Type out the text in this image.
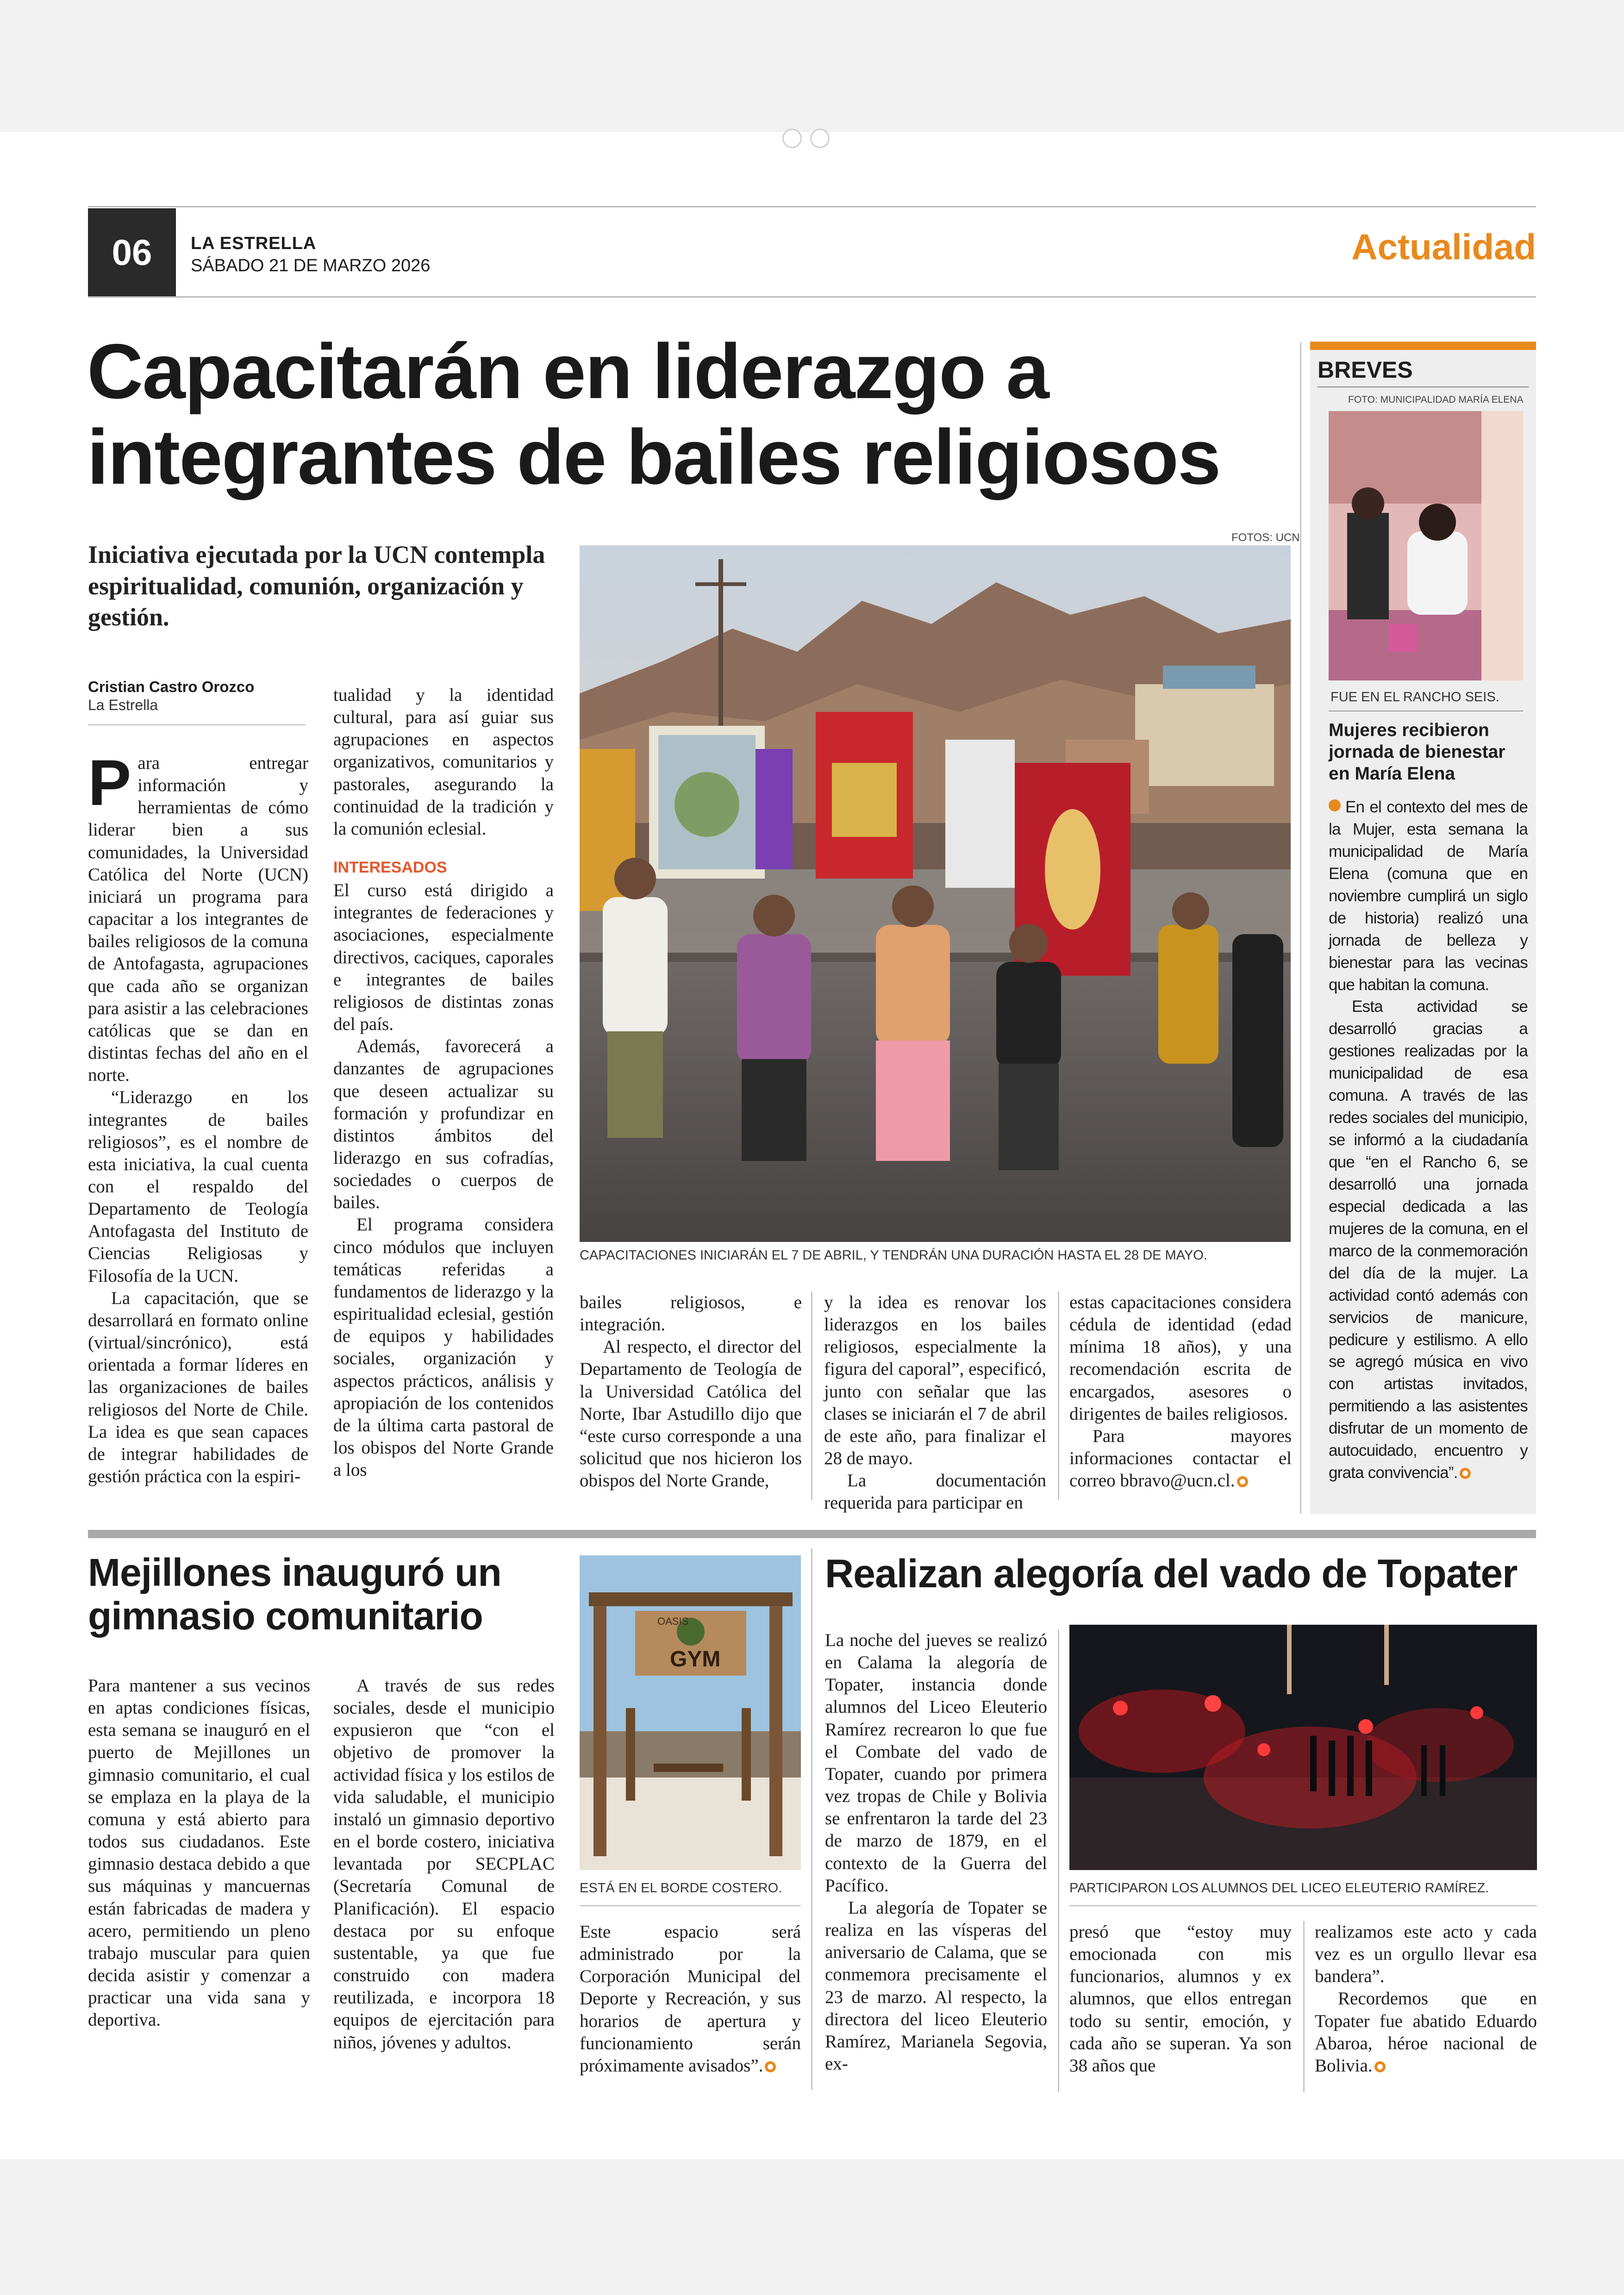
06	LA ESTRELLA
SÁBADO 21 DE MARZO 2026	Actualidad
Capacitarán en liderazgo a
integrantes de bailes religiosos
Iniciativa ejecutada por la UCN contempla espiritualidad, comunión, organización y gestión.
Cristian Castro Orozco
La Estrella
FOTOS: UCN
CAPACITACIONES INICIARÁN EL 7 DE ABRIL, Y TENDRÁN UNA DURACIÓN HASTA EL 28 DE MAYO.

Para entregar información y herramientas de cómo liderar bien a sus comunidades, la Universidad Católica del Norte (UCN) iniciará un programa para capacitar a los integrantes de bailes religiosos de la comuna de Antofagasta, agrupaciones que cada año se organizan para asistir a las celebraciones católicas que se dan en distintas fechas del año en el norte.

“Liderazgo en los integrantes de bailes religiosos”, es el nombre de esta iniciativa, la cual cuenta con el respaldo del Departamento de Teología Antofagasta del Instituto de Ciencias Religiosas y Filosofía de la UCN.

La capacitación, que se desarrollará en formato online (virtual/sincrónico), está orientada a formar líderes en las organizaciones de bailes religiosos del Norte de Chile. La idea es que sean capaces de integrar habilidades de gestión práctica con la espiri-

tualidad y la identidad cultural, para así guiar sus agrupaciones en aspectos organizativos, comunitarios y pastorales, asegurando la continuidad de la tradición y la comunión eclesial.

INTERESADOS

El curso está dirigido a integrantes de federaciones y asociaciones, especialmente directivos, caciques, caporales e integrantes de bailes religiosos de distintas zonas del país.

Además, favorecerá a danzantes de agrupaciones que deseen actualizar su formación y profundizar en distintos ámbitos del liderazgo en sus cofradías, sociedades o cuerpos de bailes.

El programa considera cinco módulos que incluyen temáticas referidas a fundamentos de liderazgo y la espiritualidad eclesial, gestión de equipos y habilidades sociales, organización y aspectos prácticos, análisis y apropiación de los contenidos de la última carta pastoral de los obispos del Norte Grande a los

bailes religiosos, e integración.

Al respecto, el director del Departamento de Teología de la Universidad Católica del Norte, Ibar Astudillo dijo que “este curso corresponde a una solicitud que nos hicieron los obispos del Norte Grande,

y la idea es renovar los liderazgos en los bailes religiosos, especialmente la figura del caporal”, especificó, junto con señalar que las clases se iniciarán el 7 de abril de este año, para finalizar el 28 de mayo.

La documentación requerida para participar en

estas capacitaciones considera cédula de identidad (edad mínima 18 años), y una recomendación escrita de encargados, asesores o dirigentes de bailes religiosos.

Para mayores informaciones contactar el correo bbravo@ucn.cl.

BREVES
FOTO: MUNICIPALIDAD MARÍA ELENA
FUE EN EL RANCHO SEIS.
Mujeres recibieron jornada de bienestar en María Elena

En el contexto del mes de la Mujer, esta semana la municipalidad de María Elena (comuna que en noviembre cumplirá un siglo de historia) realizó una jornada de belleza y bienestar para las vecinas que habitan la comuna.

Esta actividad se desarrolló gracias a gestiones realizadas por la municipalidad de esa comuna. A través de las redes sociales del municipio, se informó a la ciudadanía que “en el Rancho 6, se desarrolló una jornada especial dedicada a las mujeres de la comuna, en el marco de la conmemoración del día de la mujer. La actividad contó además con servicios de manicure, pedicure y estilismo. A ello se agregó música en vivo con artistas invitados, permitiendo a las asistentes disfrutar de un momento de autocuidado, encuentro y grata convivencia”.

Mejillones inauguró un gimnasio comunitario

Para mantener a sus vecinos en aptas condiciones físicas, esta semana se inauguró en el puerto de Mejillones un gimnasio comunitario, el cual se emplaza en la playa de la comuna y está abierto para todos sus ciudadanos. Este gimnasio destaca debido a que sus máquinas y mancuernas están fabricadas de madera y acero, permitiendo un pleno trabajo muscular para quien decida asistir y comenzar a practicar una vida sana y deportiva.

A través de sus redes sociales, desde el municipio expusieron que “con el objetivo de promover la actividad física y los estilos de vida saludable, el municipio instaló un gimnasio deportivo en el borde costero, iniciativa levantada por SECPLAC (Secretaría Comunal de Planificación). El espacio destaca por su enfoque sustentable, ya que fue construido con madera reutilizada, e incorpora 18 equipos de ejercitación para niños, jóvenes y adultos.

OASIS
GYM
ESTÁ EN EL BORDE COSTERO.

Este espacio será administrado por la Corporación Municipal del Deporte y Recreación, y sus horarios de apertura y funcionamiento serán próximamente avisados”.

Realizan alegoría del vado de Topater

La noche del jueves se realizó en Calama la alegoría de Topater, instancia donde alumnos del Liceo Eleuterio Ramírez recrearon lo que fue el Combate del vado de Topater, cuando por primera vez tropas de Chile y Bolivia se enfrentaron la tarde del 23 de marzo de 1879, en el contexto de la Guerra del Pacífico.

La alegoría de Topater se realiza en las vísperas del aniversario de Calama, que se conmemora precisamente el 23 de marzo. Al respecto, la directora del liceo Eleuterio Ramírez, Marianela Segovia, ex-

PARTICIPARON LOS ALUMNOS DEL LICEO ELEUTERIO RAMÍREZ.

presó que “estoy muy emocionada con mis funcionarios, alumnos y ex alumnos, que ellos entregan todo su sentir, emoción, y cada año se superan. Ya son 38 años que

realizamos este acto y cada vez es un orgullo llevar esa bandera”.

Recordemos que en Topater fue abatido Eduardo Abaroa, héroe nacional de Bolivia.
